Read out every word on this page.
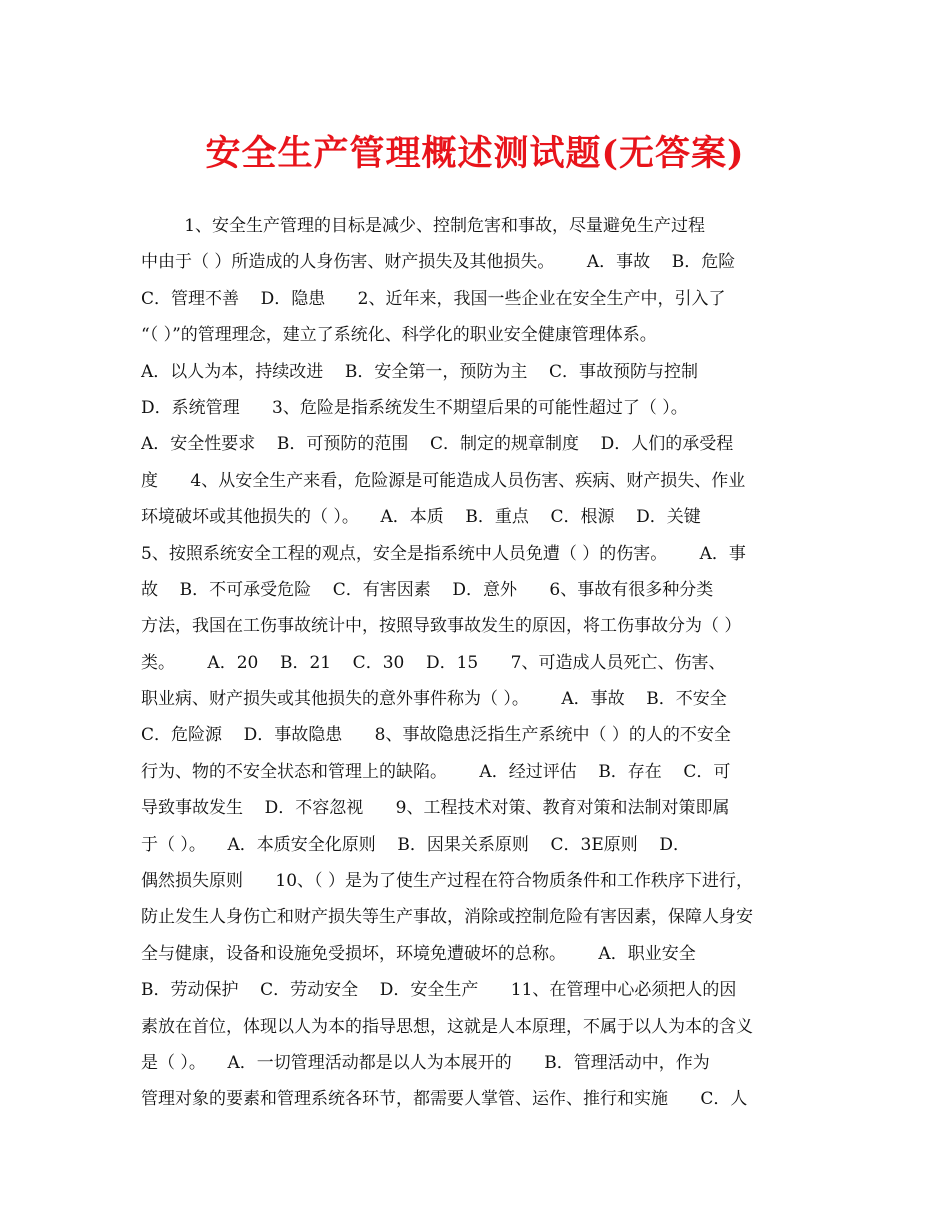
安全生产管理概述测试题(无答案)
1、安全生产管理的目标是减少、控制危害和事故，尽量避免生产过程
中由于（ ）所造成的人身伤害、财产损失及其他损失。      A．事故    B．危险
C．管理不善    D．隐患      2、近年来，我国一些企业在安全生产中，引入了
“（ ）”的管理理念，建立了系统化、科学化的职业安全健康管理体系。
A．以人为本，持续改进    B．安全第一，预防为主    C．事故预防与控制
D．系统管理      3、危险是指系统发生不期望后果的可能性超过了（ ）。
A．安全性要求    B．可预防的范围    C．制定的规章制度    D．人们的承受程
度      4、从安全生产来看，危险源是可能造成人员伤害、疾病、财产损失、作业
环境破坏或其他损失的（ ）。    A．本质    B．重点    C．根源    D．关键
5、按照系统安全工程的观点，安全是指系统中人员免遭（ ）的伤害。      A．事
故    B．不可承受危险    C．有害因素    D．意外      6、事故有很多种分类
方法，我国在工伤事故统计中，按照导致事故发生的原因，将工伤事故分为（ ）
类。      A．20    B．21    C．30    D．15      7、可造成人员死亡、伤害、
职业病、财产损失或其他损失的意外事件称为（ ）。      A．事故    B．不安全
C．危险源    D．事故隐患      8、事故隐患泛指生产系统中（ ）的人的不安全
行为、物的不安全状态和管理上的缺陷。      A．经过评估    B．存在    C．可
导致事故发生    D．不容忽视      9、工程技术对策、教育对策和法制对策即属
于（ ）。    A．本质安全化原则    B．因果关系原则    C．3E原则    D．
偶然损失原则      10、（ ）是为了使生产过程在符合物质条件和工作秩序下进行，
防止发生人身伤亡和财产损失等生产事故，消除或控制危险有害因素，保障人身安
全与健康，设备和设施免受损坏，环境免遭破坏的总称。      A．职业安全
B．劳动保护    C．劳动安全    D．安全生产      11、在管理中心必须把人的因
素放在首位，体现以人为本的指导思想，这就是人本原理，不属于以人为本的含义
是（ ）。    A．一切管理活动都是以人为本展开的      B．管理活动中，作为
管理对象的要素和管理系统各环节，都需要人掌管、运作、推行和实施      C．人
